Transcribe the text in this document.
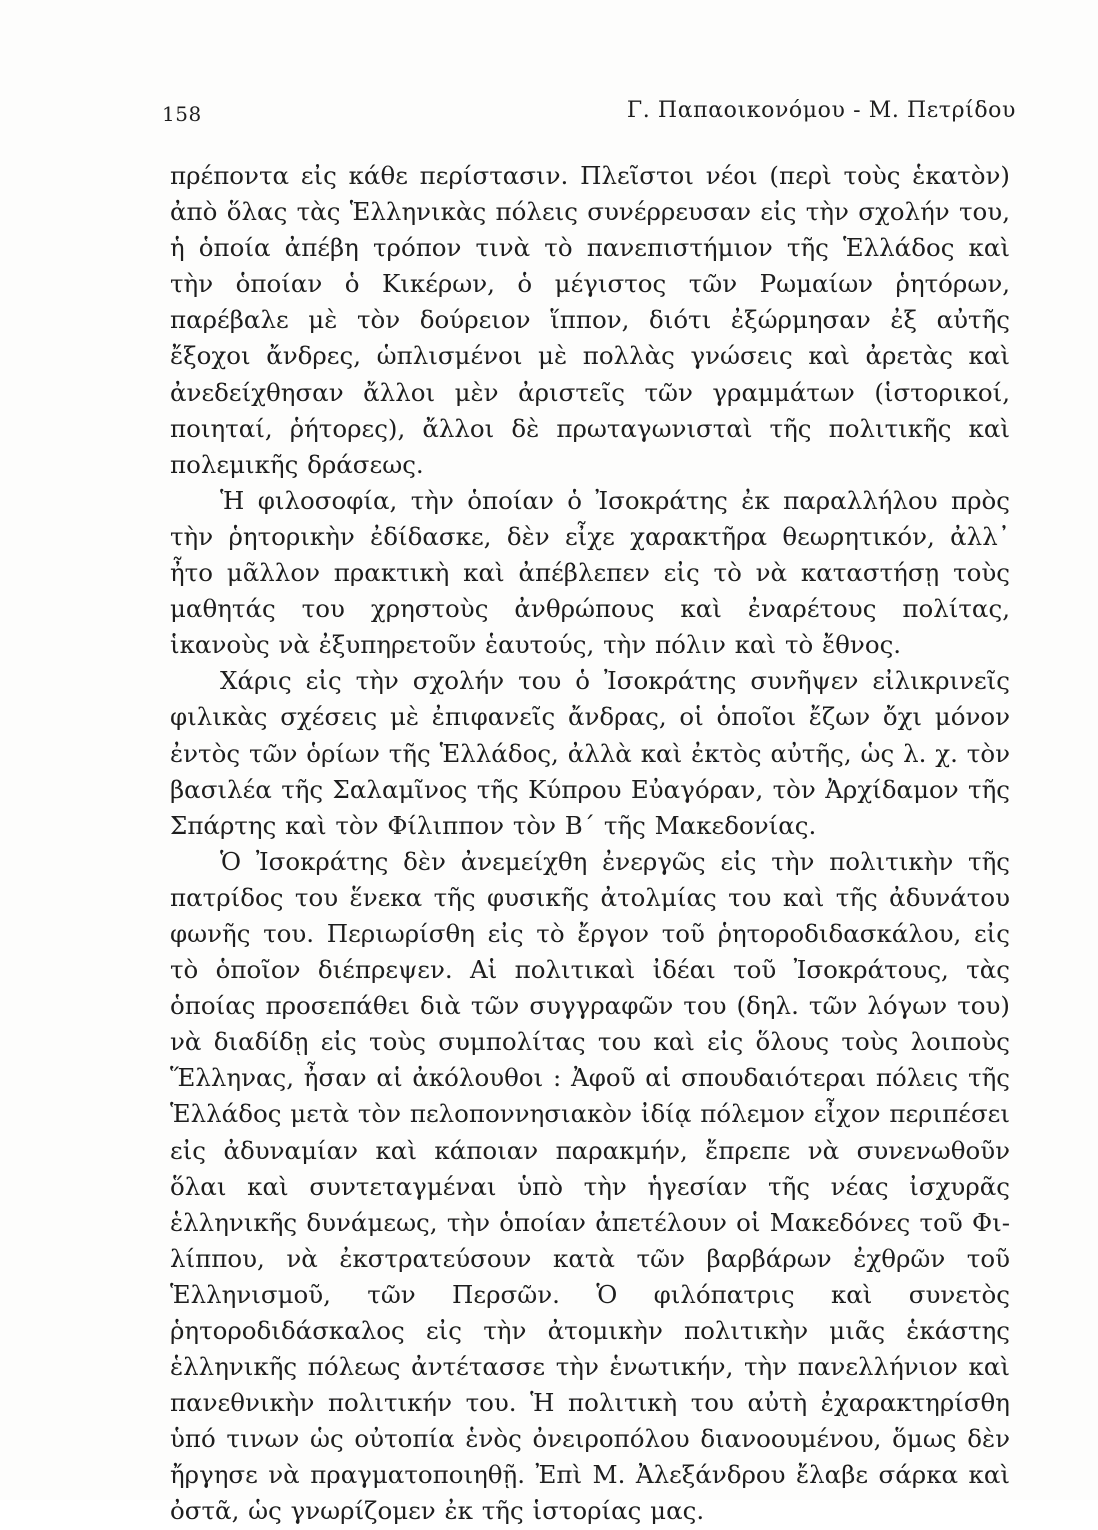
158	Γ. Παπαοικονόμου - Μ. Πετρίδου

πρέποντα εἰς κάθε περίστασιν. Πλεῖστοι νέοι (περὶ τοὺς ἑκατὸν) ἀπὸ ὅλας τὰς Ἑλληνικὰς πόλεις συνέρρευσαν εἰς τὴν σχολήν του, ἡ ὁποία ἀπέβη τρόπον τινὰ τὸ πανεπιστήμιον τῆς Ἑλλάδος καὶ τὴν ὁποίαν ὁ Κικέρων, ὁ μέγιστος τῶν Ρωμαίων ῥητόρων, παρέβαλε μὲ τὸν δούρειον ἵππον, διότι ἐξώρμησαν ἐξ αὐτῆς ἔξοχοι ἄνδρες, ὡπλισμένοι μὲ πολλὰς γνώσεις καὶ ἀρετὰς καὶ ἀνεδείχθησαν ἄλλοι μὲν ἀριστεῖς τῶν γραμμάτων (ἱστορικοί, ποιηταί, ῥήτορες), ἄλλοι δὲ πρωταγωνισταὶ τῆς πολιτικῆς καὶ πολεμικῆς δράσεως.

Ἡ φιλοσοφία, τὴν ὁποίαν ὁ Ἰσοκράτης ἐκ παραλλήλου πρὸς τὴν ῥητορικὴν ἐδίδασκε, δὲν εἶχε χαρακτῆρα θεωρητικόν, ἀλλ᾽ ἦτο μᾶλλον πρακτικὴ καὶ ἀπέβλεπεν εἰς τὸ νὰ καταστήσῃ τοὺς μαθητάς του χρηστοὺς ἀνθρώπους καὶ ἐναρέτους πολίτας, ἱκανοὺς νὰ ἐξυπηρετοῦν ἑαυτούς, τὴν πόλιν καὶ τὸ ἔθνος.

Χάρις εἰς τὴν σχολήν του ὁ Ἰσοκράτης συνῆψεν εἰλικρινεῖς φιλικὰς σχέσεις μὲ ἐπιφανεῖς ἄνδρας, οἱ ὁποῖοι ἔζων ὄχι μόνον ἐντὸς τῶν ὁρίων τῆς Ἑλλάδος, ἀλλὰ καὶ ἐκτὸς αὐτῆς, ὡς λ. χ. τὸν βασιλέα τῆς Σαλαμῖνος τῆς Κύπρου Εὐαγόραν, τὸν Ἀρχίδαμον τῆς Σπάρτης καὶ τὸν Φίλιππον τὸν Β΄ τῆς Μακεδονίας.

Ὁ Ἰσοκράτης δὲν ἀνεμείχθη ἐνεργῶς εἰς τὴν πολιτικὴν τῆς πατρίδος του ἕνεκα τῆς φυσικῆς ἀτολμίας του καὶ τῆς ἀδυνάτου φωνῆς του. Περιωρίσθη εἰς τὸ ἔργον τοῦ ῥητοροδιδασκάλου, εἰς τὸ ὁποῖον διέπρεψεν. Αἱ πολιτικαὶ ἰδέαι τοῦ Ἰσοκράτους, τὰς ὁποίας προσεπάθει διὰ τῶν συγγραφῶν του (δηλ. τῶν λόγων του) νὰ διαδίδῃ εἰς τοὺς συμπολίτας του καὶ εἰς ὅλους τοὺς λοιποὺς Ἕλληνας, ἦσαν αἱ ἀκόλουθοι : Ἀφοῦ αἱ σπουδαιότεραι πόλεις τῆς Ἑλλάδος μετὰ τὸν πελοποννησιακὸν ἰδίᾳ πόλεμον εἶχον περιπέσει εἰς ἀδυναμίαν καὶ κάποιαν παρακμήν, ἔπρεπε νὰ συνενωθοῦν ὅλαι καὶ συντεταγμέναι ὑπὸ τὴν ἡγεσίαν τῆς νέας ἰσχυρᾶς ἑλληνικῆς δυνάμεως, τὴν ὁποίαν ἀπετέλουν οἱ Μακεδόνες τοῦ Φιλίππου, νὰ ἐκστρατεύσουν κατὰ τῶν βαρβάρων ἐχθρῶν τοῦ Ἑλληνισμοῦ, τῶν Περσῶν. Ὁ φιλόπατρις καὶ συνετὸς ῥητοροδιδάσκαλος εἰς τὴν ἀτομικὴν πολιτικὴν μιᾶς ἑκάστης ἑλληνικῆς πόλεως ἀντέτασσε τὴν ἑνωτικήν, τὴν πανελλήνιον καὶ πανεθνικὴν πολιτικήν του. Ἡ πολιτικὴ του αὐτὴ ἐχαρακτηρίσθη ὑπό τινων ὡς οὐτοπία ἑνὸς ὀνειροπόλου διανοουμένου, ὅμως δὲν ἤργησε νὰ πραγματοποιηθῇ. Ἐπὶ Μ. Ἀλεξάνδρου ἔλαβε σάρκα καὶ ὀστᾶ, ὡς γνωρίζομεν ἐκ τῆς ἱστορίας μας.
